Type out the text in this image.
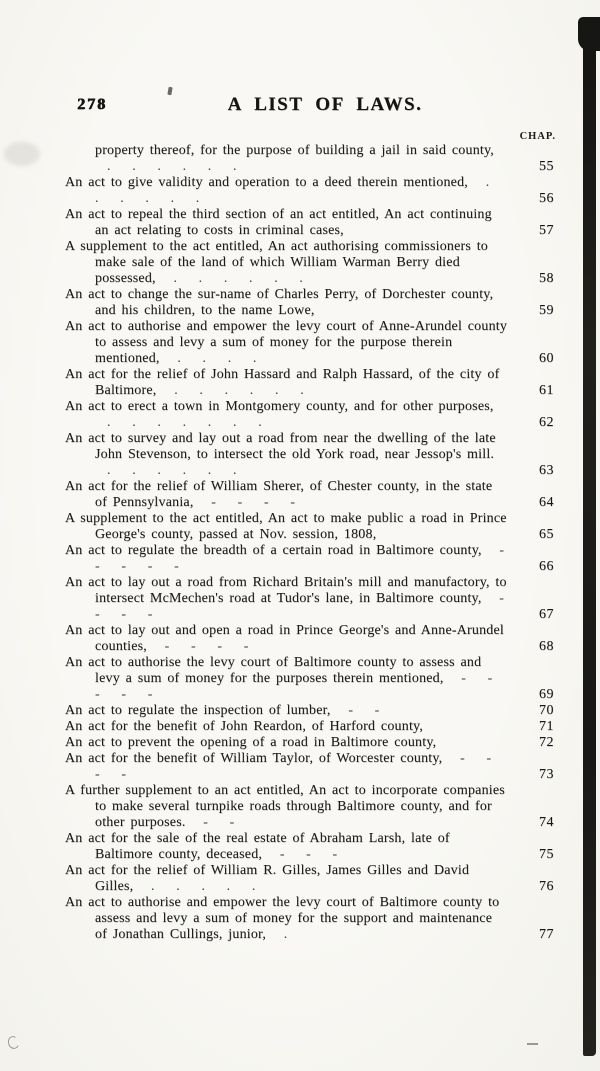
278	A LIST OF LAWS.
CHAP.
property thereof, for the purpose of building a jail in said county, . . . . . .	55
An act to give validity and operation to a deed therein mentioned, . . . . . .	56
An act to repeal the third section of an act entitled, An act continuing an act relating to costs in criminal cases,	57
A supplement to the act entitled, An act authorising commissioners to make sale of the land of which William Warman Berry died possessed, . . . . . .	58
An act to change the sur-name of Charles Perry, of Dorchester county, and his children, to the name Lowe,	59
An act to authorise and empower the levy court of Anne-Arundel county to assess and levy a sum of money for the purpose therein mentioned, . . . .	60
An act for the relief of John Hassard and Ralph Hassard, of the city of Baltimore, . . . . . .	61
An act to erect a town in Montgomery county, and for other purposes, . . . . . . .	62
An act to survey and lay out a road from near the dwelling of the late John Stevenson, to intersect the old York road, near Jessop's mill. . . . . . .	63
An act for the relief of William Sherer, of Chester county, in the state of Pennsylvania, - - - -	64
A supplement to the act entitled, An act to make public a road in Prince George's county, passed at Nov. session, 1808,	65
An act to regulate the breadth of a certain road in Baltimore county, - - - - -	66
An act to lay out a road from Richard Britain's mill and manufactory, to intersect McMechen's road at Tudor's lane, in Baltimore county, - - - -	67
An act to lay out and open a road in Prince George's and Anne-Arundel counties, - - - -	68
An act to authorise the levy court of Baltimore county to assess and levy a sum of money for the purposes therein mentioned, - - - - -	69
An act to regulate the inspection of lumber, - -	70
An act for the benefit of John Reardon, of Harford county,	71
An act to prevent the opening of a road in Baltimore county,	72
An act for the benefit of William Taylor, of Worcester county, - - - -	73
A further supplement to an act entitled, An act to incorporate companies to make several turnpike roads through Baltimore county, and for other purposes. - -	74
An act for the sale of the real estate of Abraham Larsh, late of Baltimore county, deceased, - - -	75
An act for the relief of William R. Gilles, James Gilles and David Gilles, . . . . .	76
An act to authorise and empower the levy court of Baltimore county to assess and levy a sum of money for the support and maintenance of Jonathan Cullings, junior, .	77
